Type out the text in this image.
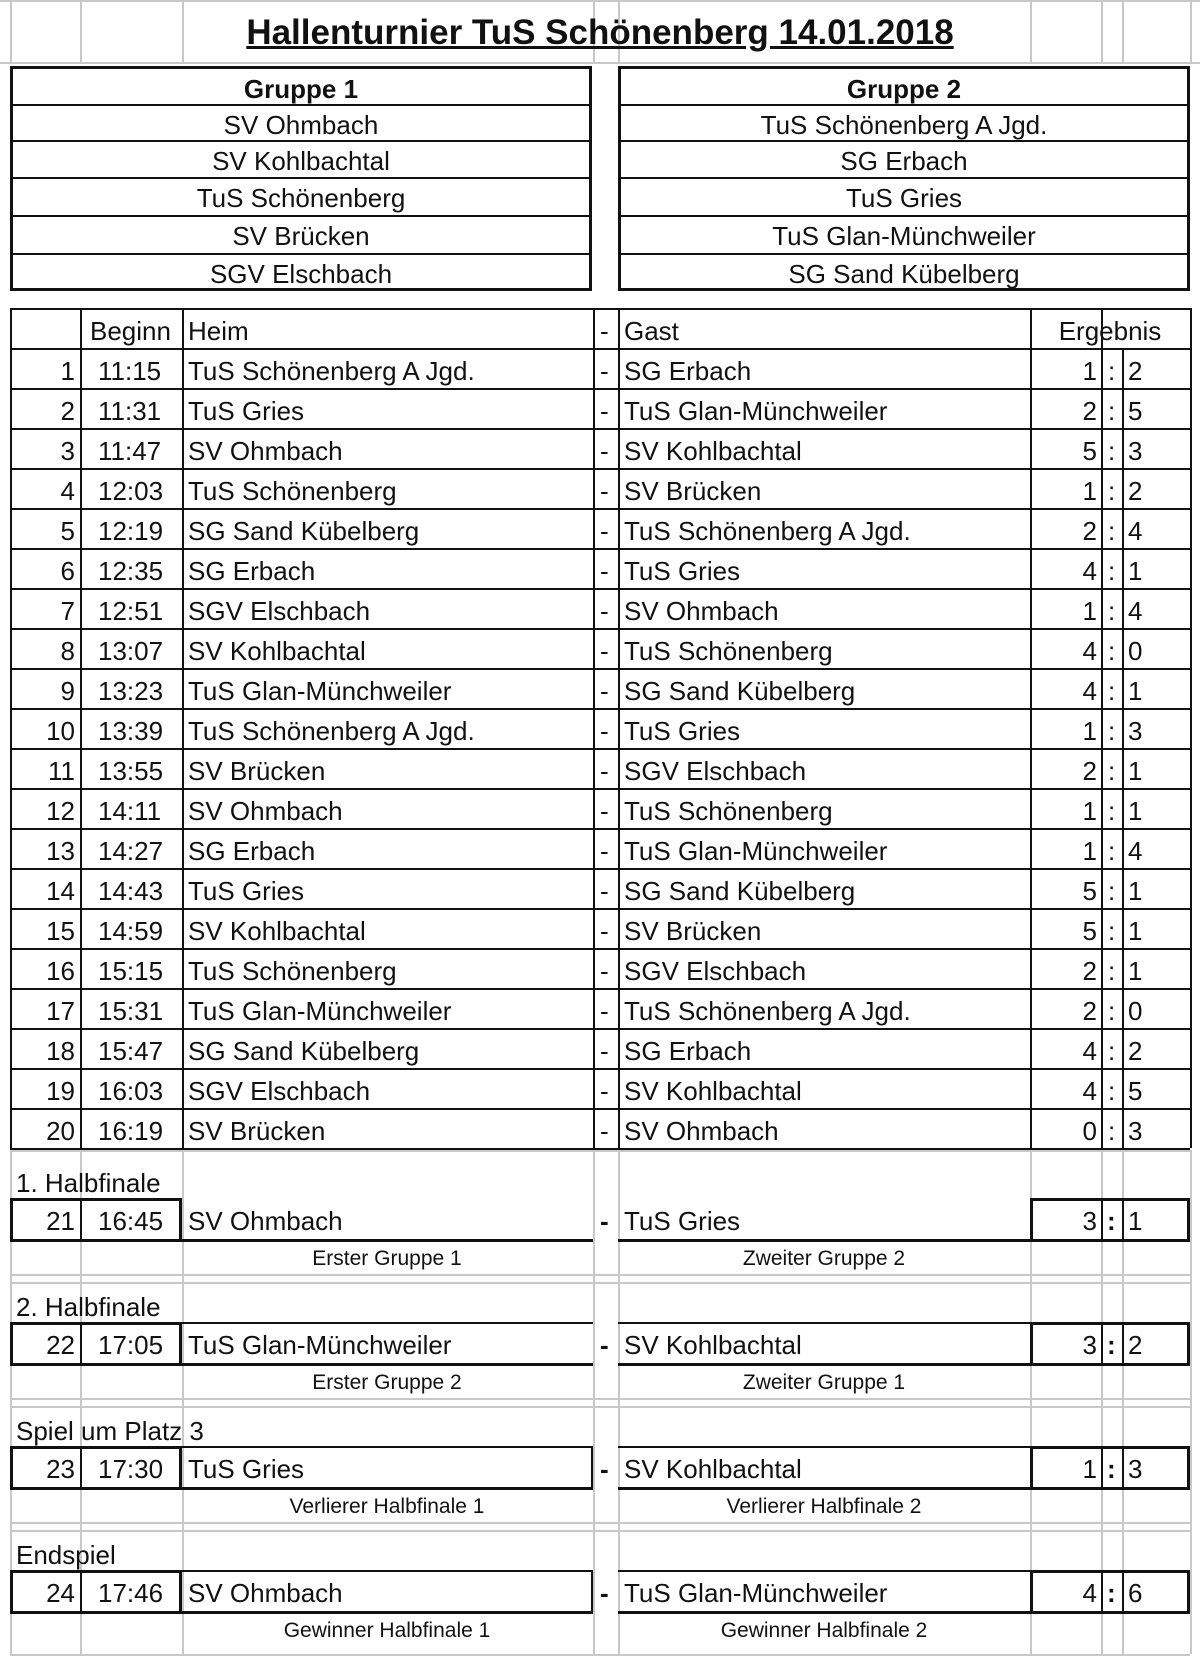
Hallenturnier TuS Schönenberg 14.01.2018
Gruppe 1
SV Ohmbach
SV Kohlbachtal
TuS Schönenberg
SV Brücken
SGV Elschbach
Gruppe 2
TuS Schönenberg A Jgd.
SG Erbach
TuS Gries
TuS Glan-Münchweiler
SG Sand Kübelberg
Beginn Heim	- Gast	Ergebnis
1 11:15 TuS Schönenberg A Jgd.	- SG Erbach	1 : 2
2 11:31 TuS Gries	- TuS Glan-Münchweiler	2 : 5
3 11:47 SV Ohmbach	- SV Kohlbachtal	5 : 3
4 12:03 TuS Schönenberg	- SV Brücken	1 : 2
5 12:19 SG Sand Kübelberg	- TuS Schönenberg A Jgd.	2 : 4
6 12:35 SG Erbach	- TuS Gries	4 : 1
7 12:51 SGV Elschbach	- SV Ohmbach	1 : 4
8 13:07 SV Kohlbachtal	- TuS Schönenberg	4 : 0
9 13:23 TuS Glan-Münchweiler	- SG Sand Kübelberg	4 : 1
10 13:39 TuS Schönenberg A Jgd.	- TuS Gries	1 : 3
11 13:55 SV Brücken	- SGV Elschbach	2 : 1
12 14:11 SV Ohmbach	- TuS Schönenberg	1 : 1
13 14:27 SG Erbach	- TuS Glan-Münchweiler	1 : 4
14 14:43 TuS Gries	- SG Sand Kübelberg	5 : 1
15 14:59 SV Kohlbachtal	- SV Brücken	5 : 1
16 15:15 TuS Schönenberg	- SGV Elschbach	2 : 1
17 15:31 TuS Glan-Münchweiler	- TuS Schönenberg A Jgd.	2 : 0
18 15:47 SG Sand Kübelberg	- SG Erbach	4 : 2
19 16:03 SGV Elschbach	- SV Kohlbachtal	4 : 5
20 16:19 SV Brücken	- SV Ohmbach	0 : 3
1. Halbfinale
21 16:45 SV Ohmbach	- TuS Gries	3 : 1
Erster Gruppe 1	Zweiter Gruppe 2
2. Halbfinale
22 17:05 TuS Glan-Münchweiler	- SV Kohlbachtal	3 : 2
Erster Gruppe 2	Zweiter Gruppe 1
Spiel um Platz 3
23 17:30 TuS Gries	- SV Kohlbachtal	1 : 3
Verlierer Halbfinale 1	Verlierer Halbfinale 2
Endspiel
24 17:46 SV Ohmbach	- TuS Glan-Münchweiler	4 : 6
Gewinner Halbfinale 1	Gewinner Halbfinale 2
